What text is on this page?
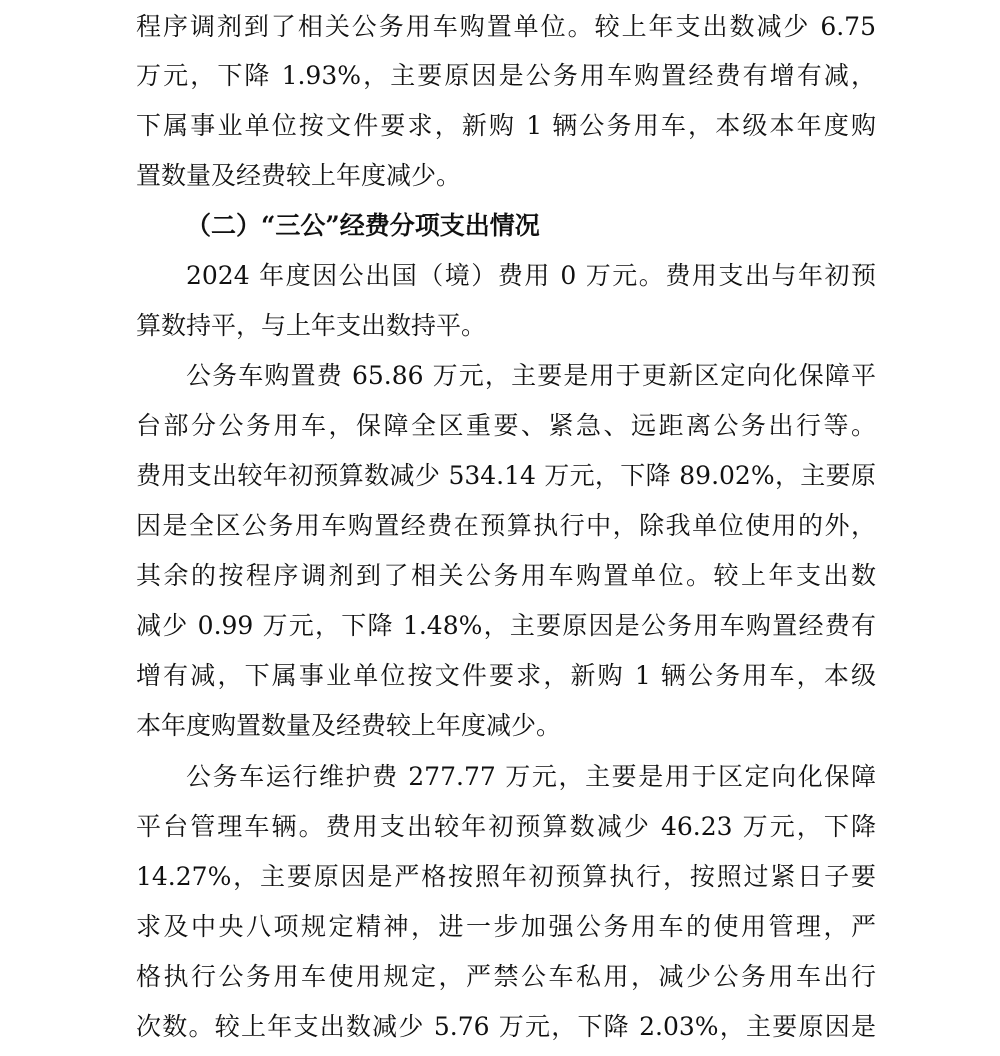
程序调剂到了相关公务用车购置单位。较上年支出数减少 6.75
万元，下降 1.93%，主要原因是公务用车购置经费有增有减，
下属事业单位按文件要求，新购 1 辆公务用车，本级本年度购
置数量及经费较上年度减少。
（二）“三公”经费分项支出情况
2024 年度因公出国（境）费用 0 万元。费用支出与年初预
算数持平，与上年支出数持平。
公务车购置费 65.86 万元，主要是用于更新区定向化保障平
台部分公务用车，保障全区重要、紧急、远距离公务出行等。
费用支出较年初预算数减少 534.14 万元，下降 89.02%，主要原
因是全区公务用车购置经费在预算执行中，除我单位使用的外，
其余的按程序调剂到了相关公务用车购置单位。较上年支出数
减少 0.99 万元，下降 1.48%，主要原因是公务用车购置经费有
增有减，下属事业单位按文件要求，新购 1 辆公务用车，本级
本年度购置数量及经费较上年度减少。
公务车运行维护费 277.77 万元，主要是用于区定向化保障
平台管理车辆。费用支出较年初预算数减少 46.23 万元，下降
14.27%，主要原因是严格按照年初预算执行，按照过紧日子要
求及中央八项规定精神，进一步加强公务用车的使用管理，严
格执行公务用车使用规定，严禁公车私用，减少公务用车出行
次数。较上年支出数减少 5.76 万元，下降 2.03%，主要原因是
